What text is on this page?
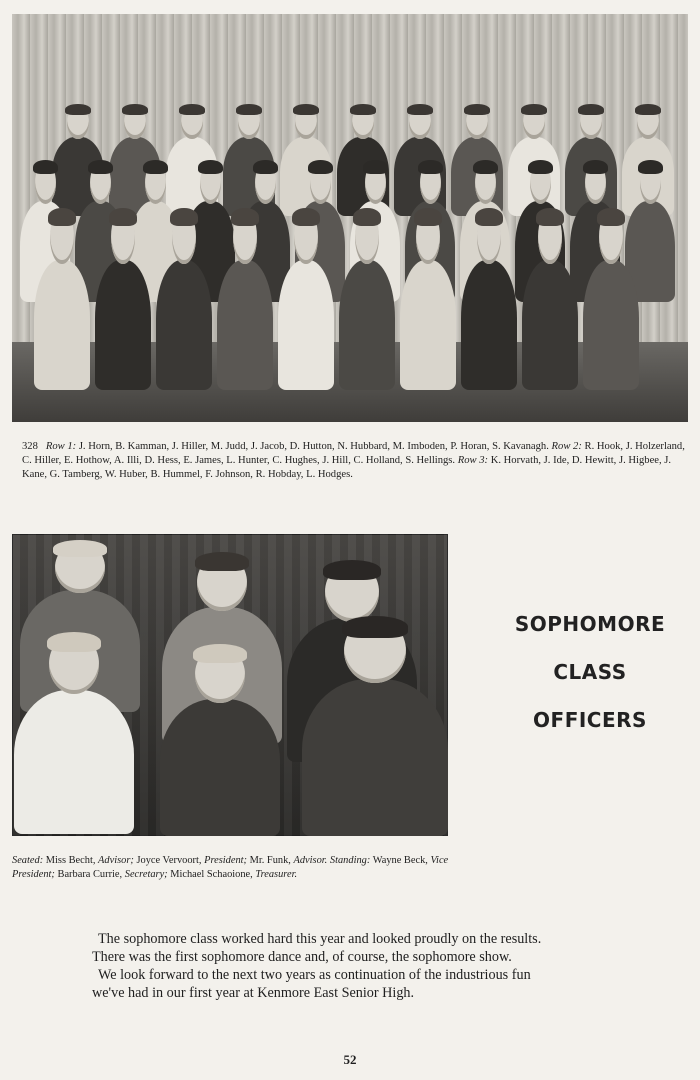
328 Row 1: J. Horn, B. Kamman, J. Hiller, M. Judd, J. Jacob, D. Hutton, N. Hubbard, M. Imboden, P. Horan, S. Kavanagh. Row 2: R. Hook, J. Holzerland, C. Hiller, E. Hothow, A. Illi, D. Hess, E. James, L. Hunter, C. Hughes, J. Hill, C. Holland, S. Hellings. Row 3: K. Horvath, J. Ide, D. Hewitt, J. Higbee, J. Kane, G. Tamberg, W. Huber, B. Hummel, F. Johnson, R. Hobday, L. Hodges.
SOPHOMORE
CLASS
OFFICERS
Seated: Miss Becht, Advisor; Joyce Vervoort, President; Mr. Funk, Advisor. Standing: Wayne Beck, Vice President; Barbara Currie, Secretary; Michael Schaoione, Treasurer.

The sophomore class worked hard this year and looked proudly on the results.

There was the first sophomore dance and, of course, the sophomore show.

We look forward to the next two years as continuation of the industrious fun

we've had in our first year at Kenmore East Senior High.

52
